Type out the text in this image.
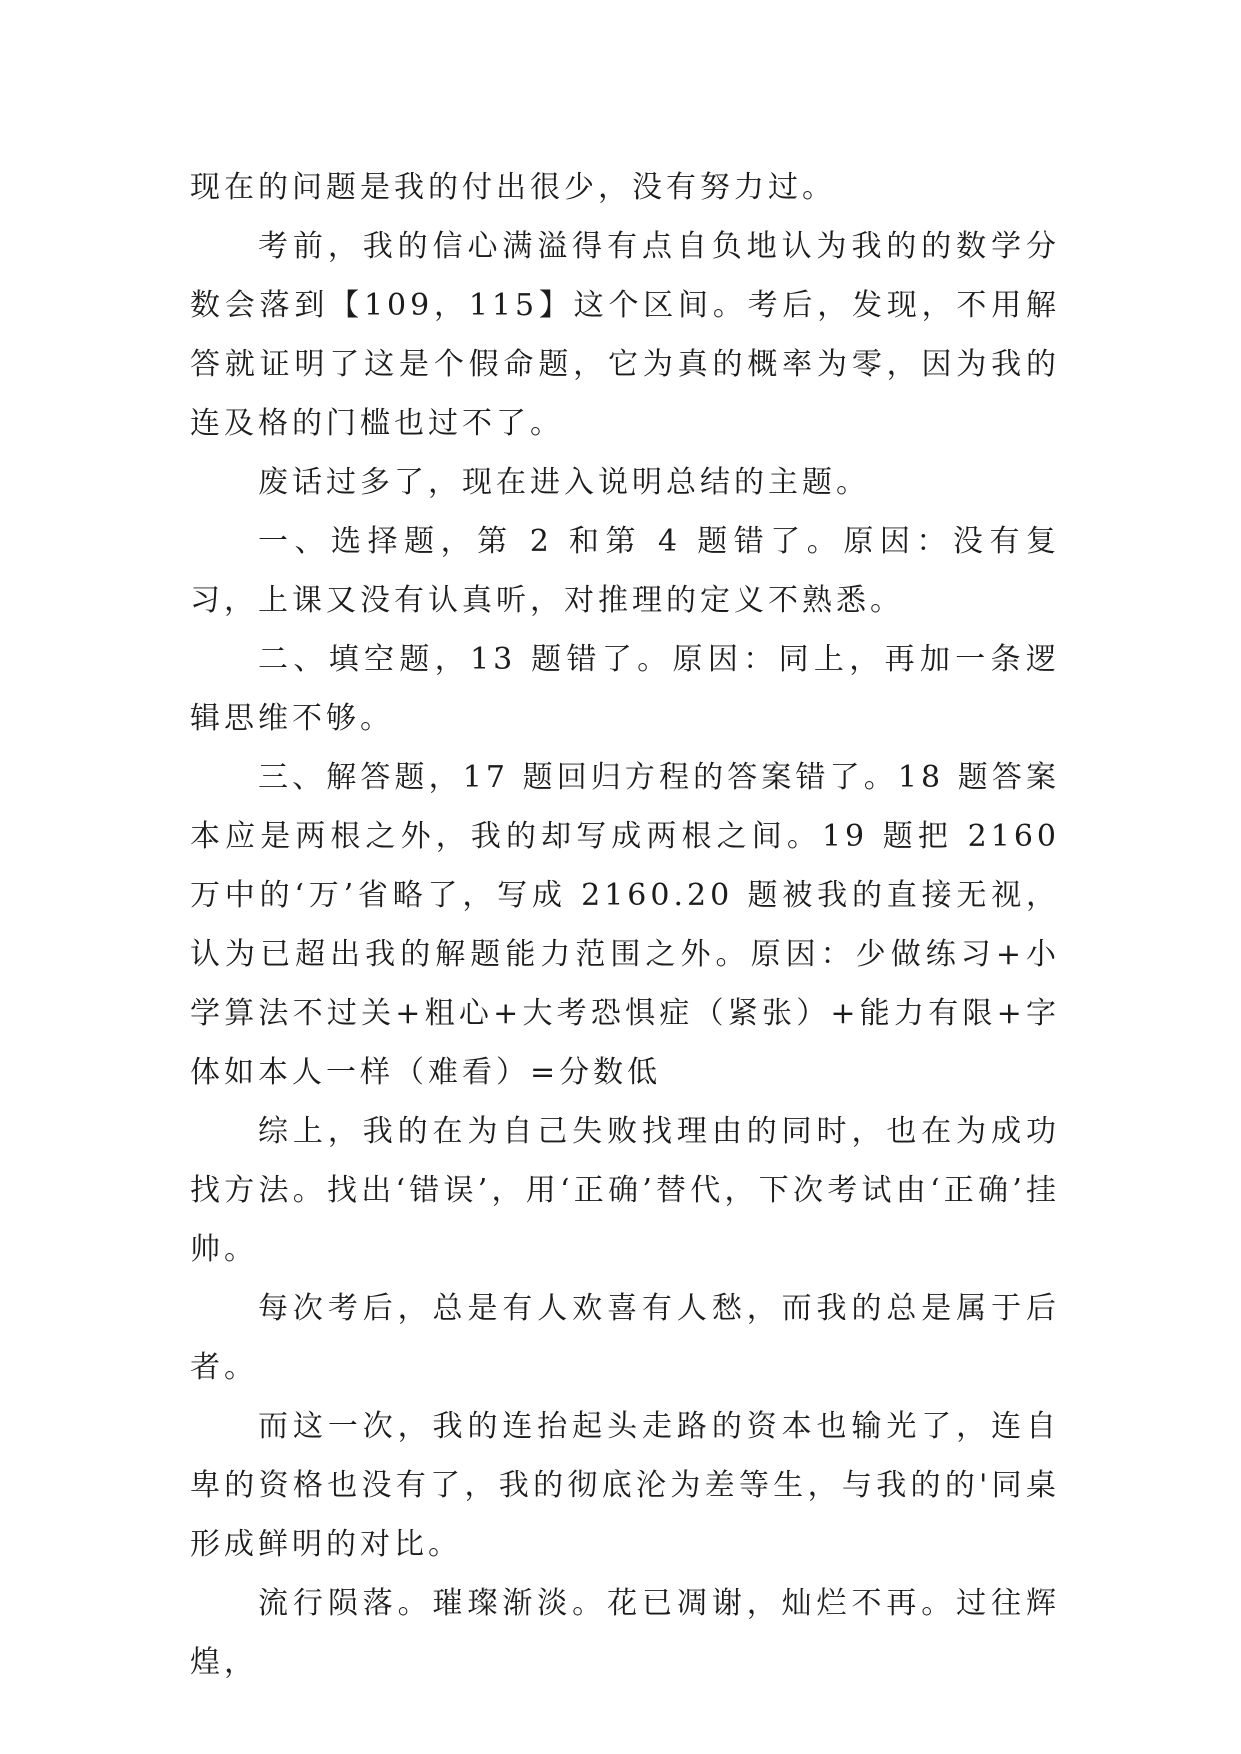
现在的问题是我的付出很少，没有努力过。

考前，我的信心满溢得有点自负地认为我的的数学分数会落到【109，115】这个区间。考后，发现，不用解答就证明了这是个假命题，它为真的概率为零，因为我的连及格的门槛也过不了。

废话过多了，现在进入说明总结的主题。

一、选择题，第 2 和第 4 题错了。原因：没有复习，上课又没有认真听，对推理的定义不熟悉。

二、填空题，13 题错了。原因：同上，再加一条逻辑思维不够。

三、解答题，17 题回归方程的答案错了。18 题答案本应是两根之外，我的却写成两根之间。19 题把 2160 万中的‘万’省略了，写成 2160.20 题被我的直接无视，认为已超出我的解题能力范围之外。原因：少做练习+小学算法不过关+粗心+大考恐惧症（紧张）+能力有限+字体如本人一样（难看）=分数低

综上，我的在为自己失败找理由的同时，也在为成功找方法。找出‘错误’，用‘正确’替代，下次考试由‘正确’挂帅。

每次考后，总是有人欢喜有人愁，而我的总是属于后者。

而这一次，我的连抬起头走路的资本也输光了，连自卑的资格也没有了，我的彻底沦为差等生，与我的的'同桌形成鲜明的对比。

流行陨落。璀璨渐淡。花已凋谢，灿烂不再。过往辉煌，
